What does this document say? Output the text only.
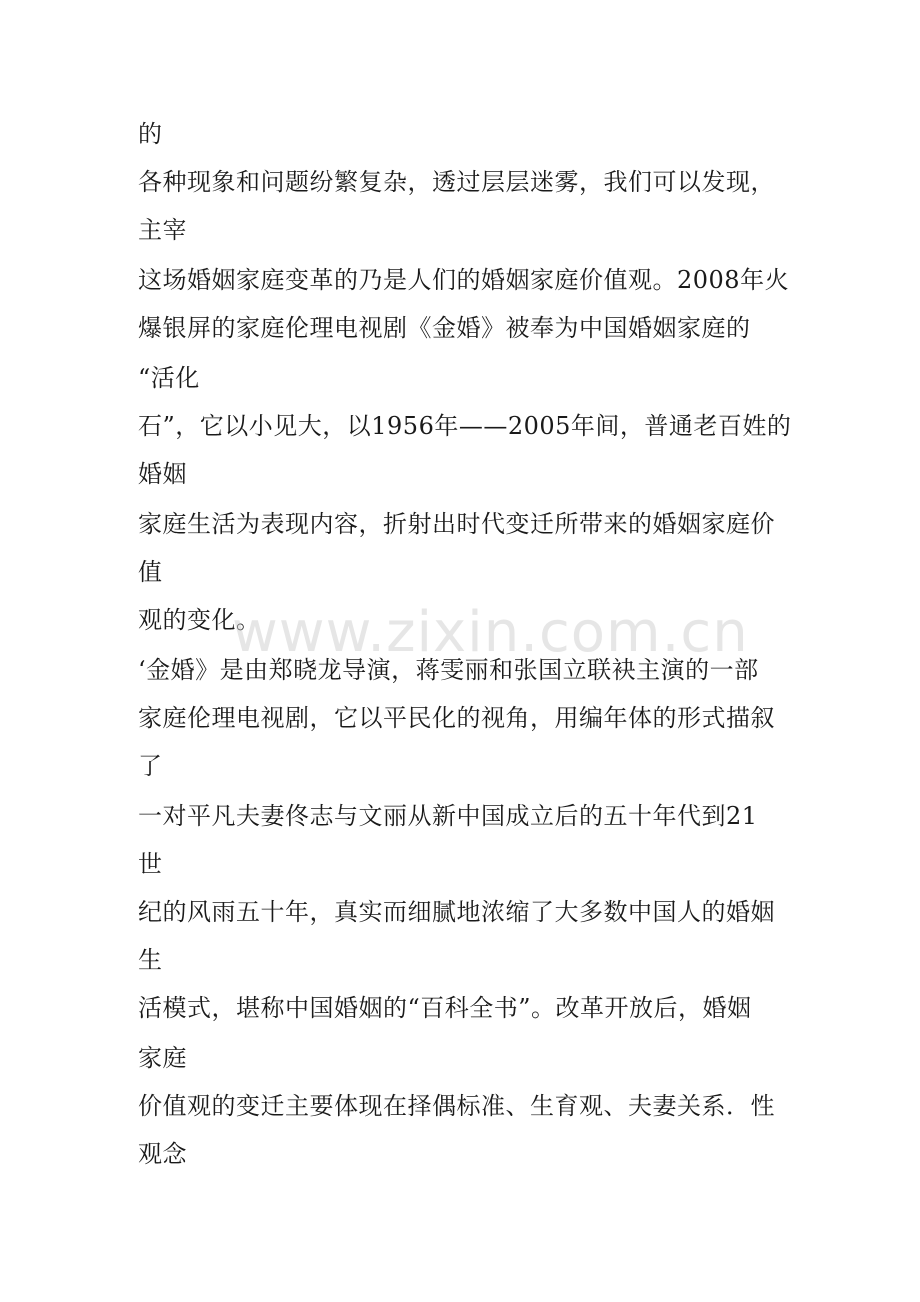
的
各种现象和问题纷繁复杂，透过层层迷雾，我们可以发现，
主宰
这场婚姻家庭变革的乃是人们的婚姻家庭价值观。2008年火
爆银屏的家庭伦理电视剧《金婚》被奉为中国婚姻家庭的
“活化
石”，它以小见大，以1956年——2005年间，普通老百姓的
婚姻
家庭生活为表现内容，折射出时代变迁所带来的婚姻家庭价
值
观的变化。
‘金婚》是由郑晓龙导演，蒋雯丽和张国立联袂主演的一部
家庭伦理电视剧，它以平民化的视角，用编年体的形式描叙
了
一对平凡夫妻佟志与文丽从新中国成立后的五十年代到21
世
纪的风雨五十年，真实而细腻地浓缩了大多数中国人的婚姻
生
活模式，堪称中国婚姻的“百科全书”。改革开放后，婚姻
家庭
价值观的变迁主要体现在择偶标准、生育观、夫妻关系．性
观念
www.zixin.com.cn
